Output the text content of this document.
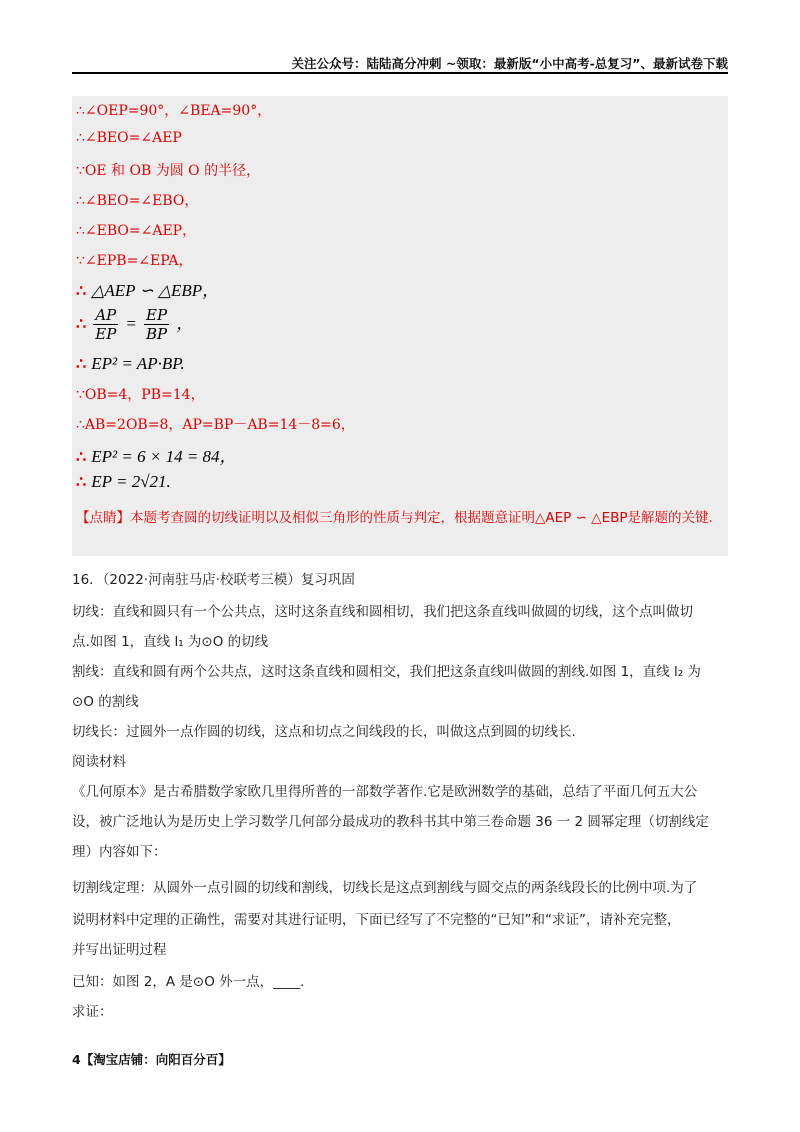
关注公众号：陆陆高分冲刺 ~领取：最新版“小中高考-总复习”、最新试卷下载
∴∠OEP=90°，∠BEA=90°，
∴∠BEO=∠AEP
∵OE 和 OB 为圆 O 的半径，
∴∠BEO=∠EBO，
∴∠EBO=∠AEP，
∵∠EPB=∠EPA，
∴ △AEP ∽ △EBP，
∴ $\frac{AP}{EP} = \frac{EP}{BP}$ ，
∴ EP² = AP·BP.
∵OB=4，PB=14，
∴AB=2OB=8，AP=BP－AB=14－8=6，
∴ EP² = 6 × 14 = 84，
∴ EP = 2√21.
【点睛】本题考查圆的切线证明以及相似三角形的性质与判定，根据题意证明△AEP ∽ △EBP是解题的关键.
16．（2022·河南驻马店·校联考三模）复习巩固
切线：直线和圆只有一个公共点，这时这条直线和圆相切，我们把这条直线叫做圆的切线，这个点叫做切
点.如图 1，直线 l₁ 为⊙O 的切线
割线：直线和圆有两个公共点，这时这条直线和圆相交，我们把这条直线叫做圆的割线.如图 1，直线 l₂ 为
⊙O 的割线
切线长：过圆外一点作圆的切线，这点和切点之间线段的长，叫做这点到圆的切线长.
阅读材料
《几何原本》是古希腊数学家欧几里得所普的一部数学著作.它是欧洲数学的基础，总结了平面几何五大公
设，被广泛地认为是历史上学习数学几何部分最成功的教科书其中第三卷命题 36 一 2 圆幂定理（切割线定
理）内容如下：
切割线定理：从圆外一点引圆的切线和割线，切线长是这点到割线与圆交点的两条线段长的比例中项.为了
说明材料中定理的正确性，需要对其进行证明，下面已经写了不完整的“已知”和“求证”，请补充完整，
并写出证明过程
已知：如图 2，A 是⊙O 外一点，____.
求证：
4【淘宝店铺：向阳百分百】
